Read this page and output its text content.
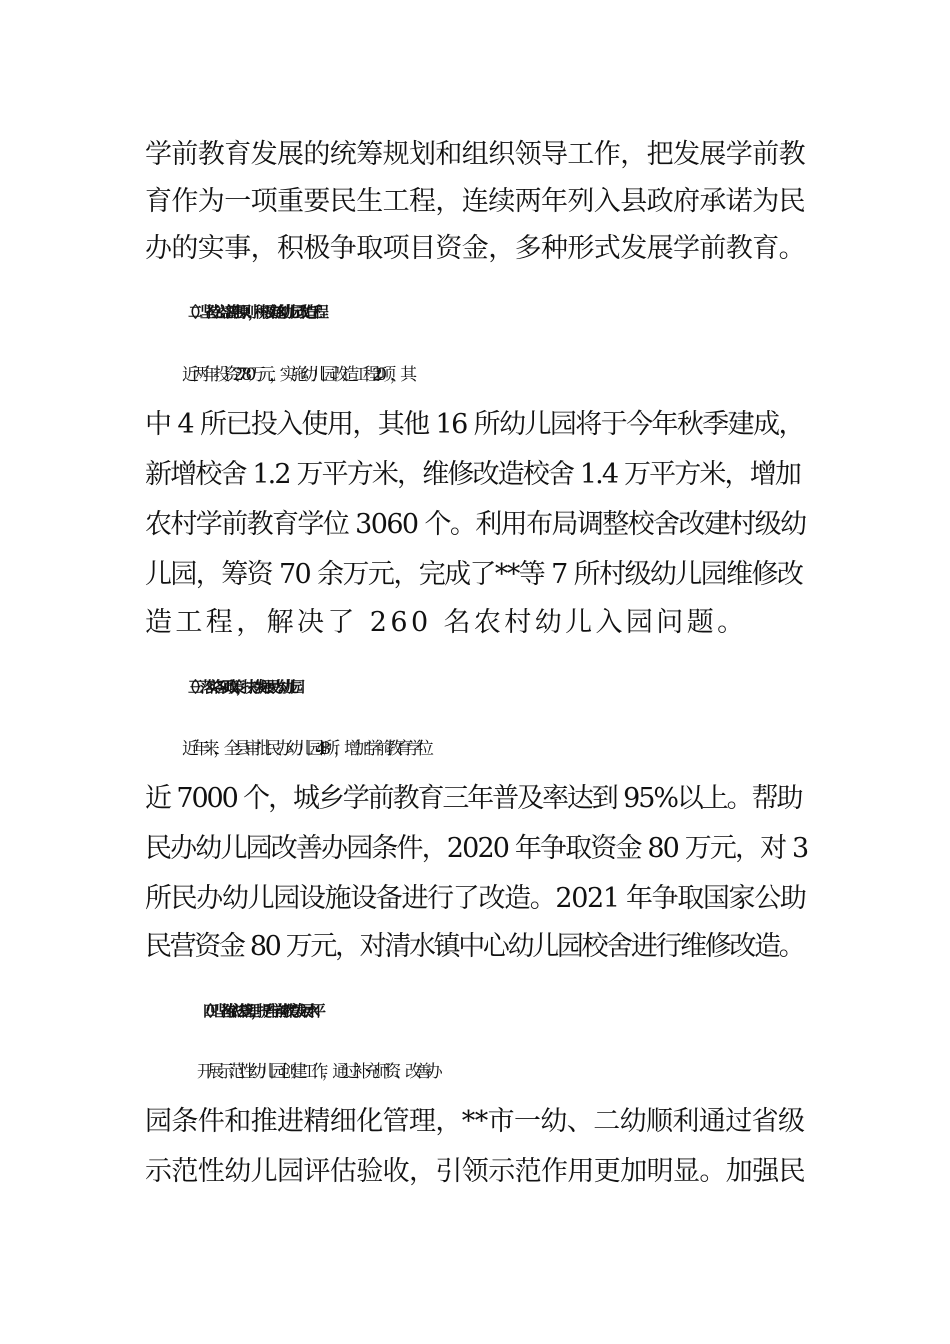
学前教育发展的统筹规划和组织领导工作，把发展学前教
育作为一项重要民生工程，连续两年列入县政府承诺为民
办的实事，积极争取项目资金，多种形式发展学前教育。
（二）坚持公益普惠原则，积极实施幼儿园改造工程
近两年投资 2780 万元，实施幼儿园改造工程 20 项，其
中 4 所已投入使用，其他 16 所幼儿园将于今年秋季建成，
新增校舍 1.2 万平方米，维修改造校舍 1.4 万平方米，增加
农村学前教育学位 3060 个。利用布局调整校舍改建村级幼
儿园，筹资 70 余万元，完成了**等 7 所村级幼儿园维修改
造工程，解决了 260 名农村幼儿入园问题。
（三）落实各项政策，扶持发展民办幼儿园
近年来，全县审批民办幼儿园 48 所，增加学前教育学位
近 7000 个，城乡学前教育三年普及率达到 95%以上。帮助
民办幼儿园改善办园条件，2020 年争取资金 80 万元，对 3
所民办幼儿园设施设备进行了改造。2021 年争取国家公助
民营资金 80 万元，对清水镇中心幼儿园校舍进行维修改造。
（四）坚持依法管理，提升学前教育发展水平
开展示范性幼儿园创建工作，通过补充师资、改善办
园条件和推进精细化管理，**市一幼、二幼顺利通过省级
示范性幼儿园评估验收，引领示范作用更加明显。加强民
